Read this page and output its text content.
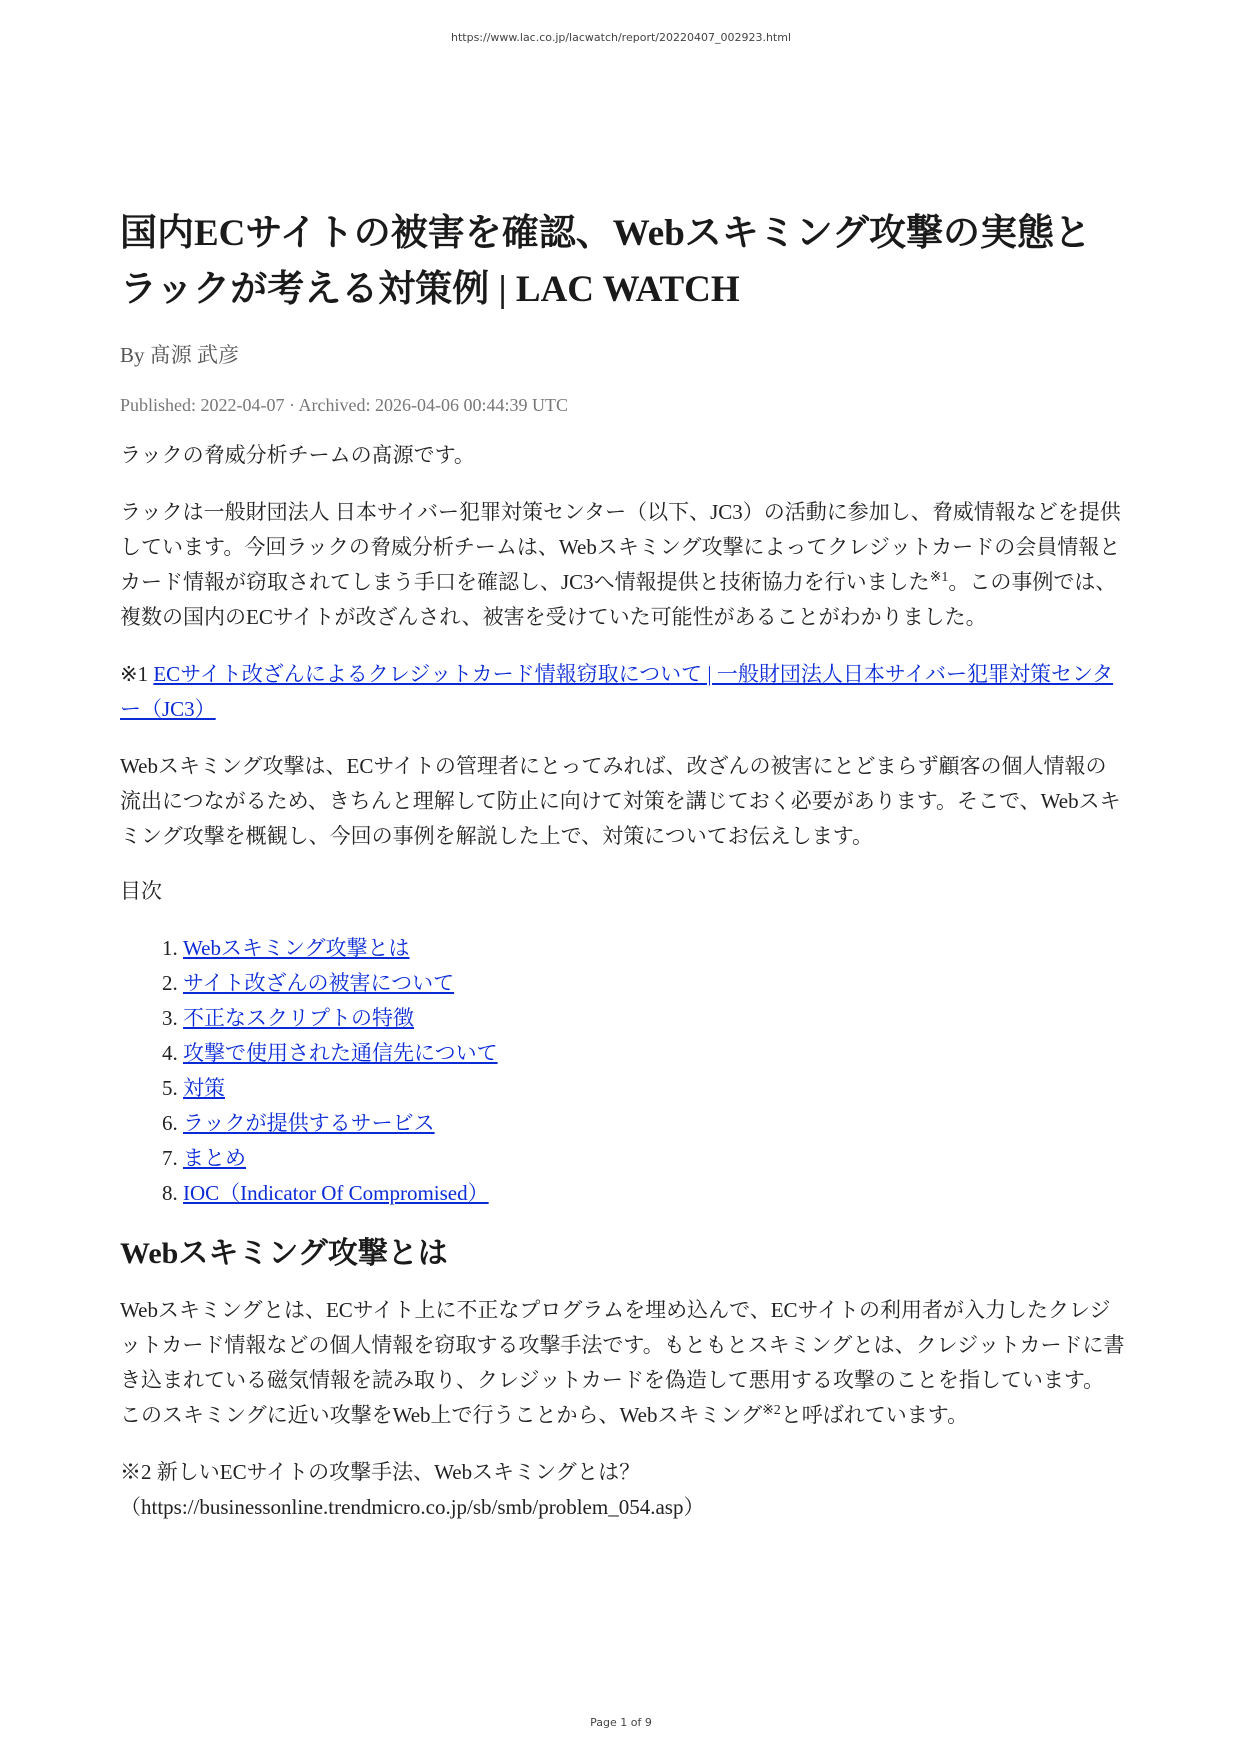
https://www.lac.co.jp/lacwatch/report/20220407_002923.html
国内ECサイトの被害を確認、Webスキミング攻撃の実態とラックが考える対策例 | LAC WATCH
By 髙源 武彦
Published: 2022-04-07 · Archived: 2026-04-06 00:44:39 UTC

ラックの脅威分析チームの髙源です。

ラックは一般財団法人 日本サイバー犯罪対策センター（以下、JC3）の活動に参加し、脅威情報などを提供しています。今回ラックの脅威分析チームは、Webスキミング攻撃によってクレジットカードの会員情報とカード情報が窃取されてしまう手口を確認し、JC3へ情報提供と技術協力を行いました$^{※1}$。この事例では、複数の国内のECサイトが改ざんされ、被害を受けていた可能性があることがわかりました。

※1 ECサイト改ざんによるクレジットカード情報窃取について | 一般財団法人日本サイバー犯罪対策センター（JC3）

Webスキミング攻撃は、ECサイトの管理者にとってみれば、改ざんの被害にとどまらず顧客の個人情報の流出につながるため、きちんと理解して防止に向けて対策を講じておく必要があります。そこで、Webスキミング攻撃を概観し、今回の事例を解説した上で、対策についてお伝えします。

目次

1. Webスキミング攻撃とは
2. サイト改ざんの被害について
3. 不正なスクリプトの特徴
4. 攻撃で使用された通信先について
5. 対策
6. ラックが提供するサービス
7. まとめ
8. IOC（Indicator Of Compromised）
Webスキミング攻撃とは

Webスキミングとは、ECサイト上に不正なプログラムを埋め込んで、ECサイトの利用者が入力したクレジットカード情報などの個人情報を窃取する攻撃手法です。もともとスキミングとは、クレジットカードに書き込まれている磁気情報を読み取り、クレジットカードを偽造して悪用する攻撃のことを指しています。このスキミングに近い攻撃をWeb上で行うことから、Webスキミング$^{※2}$と呼ばれています。

※2 新しいECサイトの攻撃手法、Webスキミングとは？
（https://businessonline.trendmicro.co.jp/sb/smb/problem_054.asp）

Page 1 of 9
